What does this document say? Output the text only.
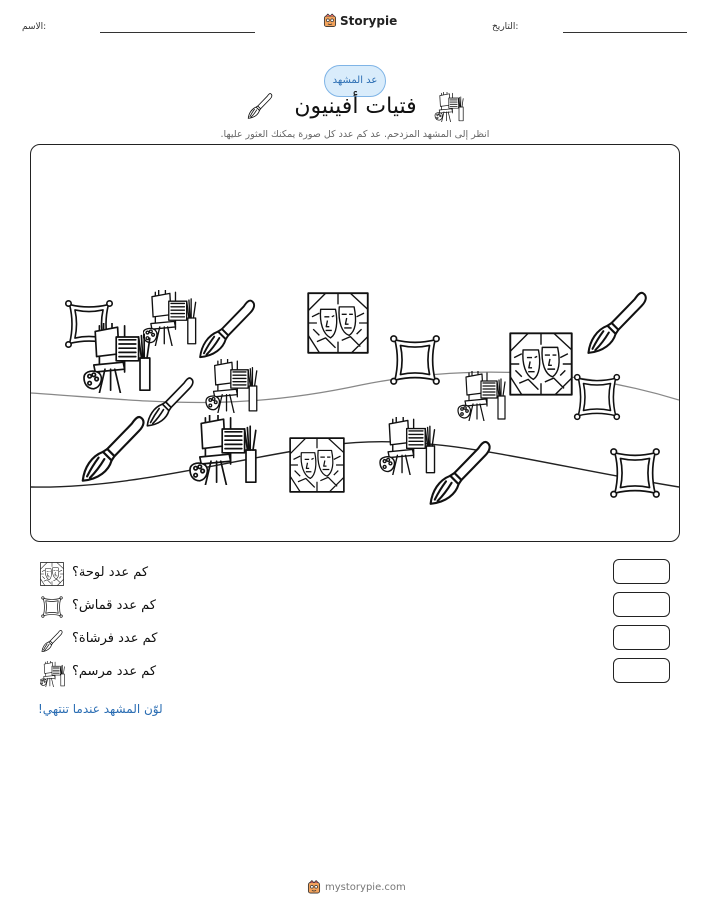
الاسم:	Storypie	التاريخ:
عد المشهد
فتيات أفينيون
انظر إلى المشهد المزدحم. عد كم عدد كل صورة يمكنك العثور عليها.
كم عدد لوحة؟
كم عدد قماش؟
كم عدد فرشاة؟
كم عدد مرسم؟
لوّن المشهد عندما تنتهي!
mystorypie.com
